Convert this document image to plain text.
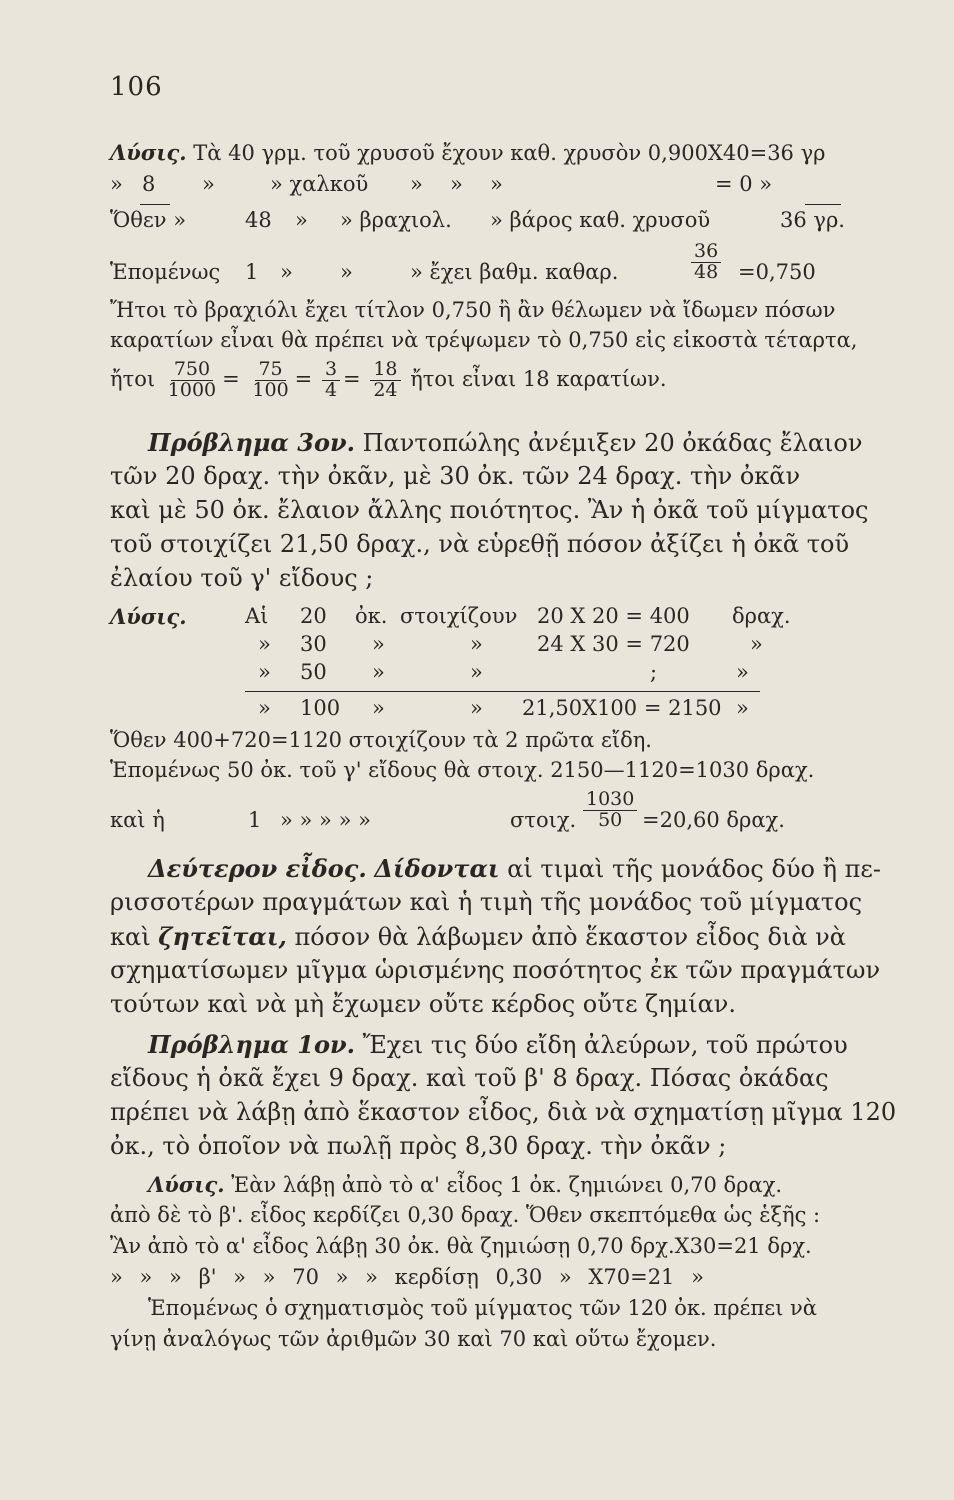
106
Λύσις. Τὰ 40 γρμ. τοῦ χρυσοῦ ἔχουν καθ. χρυσὸν 0,900Χ40=36 γρ
» 8 »	» χαλκοῦ » » »	= 0 »
Ὅθεν »	48 » » βραχιολ. » βάρος καθ. χρυσοῦ	36 γρ.
Ἑπομένως 1 » »	» ἔχει βαθμ. καθαρ.	$\frac{36}{48} =0,750$
Ἤτοι τὸ βραχιόλι ἔχει τίτλον 0,750 ἢ ἂν θέλωμεν νὰ ἴδωμεν πόσων
καρατίων εἶναι θὰ πρέπει νὰ τρέψωμεν τὸ 0,750 εἰς εἰκοστὰ τέταρτα,
ἤτοι $\frac{750}{1000} = \frac{75}{100} = \frac{3}{4} = \frac{18}{24}$ ἤτοι εἶναι 18 καρατίων.
Πρόβλημα 3ον. Παντοπώλης ἀνέμιξεν 20 ὀκάδας ἔλαιον
τῶν 20 δραχ. τὴν ὀκᾶν, μὲ 30 ὀκ. τῶν 24 δραχ. τὴν ὀκᾶν
καὶ μὲ 50 ὀκ. ἔλαιον ἄλλης ποιότητος. Ἂν ἡ ὀκᾶ τοῦ μίγματος
τοῦ στοιχίζει 21,50 δραχ., νὰ εὑρεθῇ πόσον ἀξίζει ἡ ὀκᾶ τοῦ
ἐλαίου τοῦ γ' εἴδους ;
Λύσις.	Αἱ 20 ὀκ. στοιχίζουν 20 Χ 20 = 400 δραχ.
» 30 »	»	24 Χ 30 = 720	»
» 50 »	»	;	»
» 100 »	» 21,50Χ100 = 2150 »
Ὅθεν 400+720=1120 στοιχίζουν τὰ 2 πρῶτα εἴδη.
Ἑπομένως 50 ὀκ. τοῦ γ' εἴδους θὰ στοιχ. 2150—1120=1030 δραχ.
καὶ ἡ	1 » » » » »	στοιχ. $\frac{1030}{50} =20,60$ δραχ.
Δεύτερον εἶδος. Δίδονται αἱ τιμαὶ τῆς μονάδος δύο ἢ πε-
ρισσοτέρων πραγμάτων καὶ ἡ τιμὴ τῆς μονάδος τοῦ μίγματος
καὶ ζητεῖται, πόσον θὰ λάβωμεν ἀπὸ ἕκαστον εἶδος διὰ νὰ
σχηματίσωμεν μῖγμα ὡρισμένης ποσότητος ἐκ τῶν πραγμάτων
τούτων καὶ νὰ μὴ ἔχωμεν οὔτε κέρδος οὔτε ζημίαν.
Πρόβλημα 1ον. Ἔχει τις δύο εἴδη ἀλεύρων, τοῦ πρώτου
εἴδους ἡ ὀκᾶ ἔχει 9 δραχ. καὶ τοῦ β' 8 δραχ. Πόσας ὀκάδας
πρέπει νὰ λάβῃ ἀπὸ ἕκαστον εἶδος, διὰ νὰ σχηματίσῃ μῖγμα 120
ὀκ., τὸ ὁποῖον νὰ πωλῇ πρὸς 8,30 δραχ. τὴν ὀκᾶν ;
Λύσις. Ἐὰν λάβῃ ἀπὸ τὸ α' εἶδος 1 ὀκ. ζημιώνει 0,70 δραχ.
ἀπὸ δὲ τὸ β'. εἶδος κερδίζει 0,30 δραχ. Ὅθεν σκεπτόμεθα ὡς ἑξῆς :
Ἂν ἀπὸ τὸ α' εἶδος λάβῃ 30 ὀκ. θὰ ζημιώσῃ 0,70 δρχ.Χ30=21 δρχ.
» » » β' » » 70 » » κερδίσῃ 0,30 » Χ70=21 »
Ἑπομένως ὁ σχηματισμὸς τοῦ μίγματος τῶν 120 ὀκ. πρέπει νὰ
γίνῃ ἀναλόγως τῶν ἀριθμῶν 30 καὶ 70 καὶ οὕτω ἔχομεν.
